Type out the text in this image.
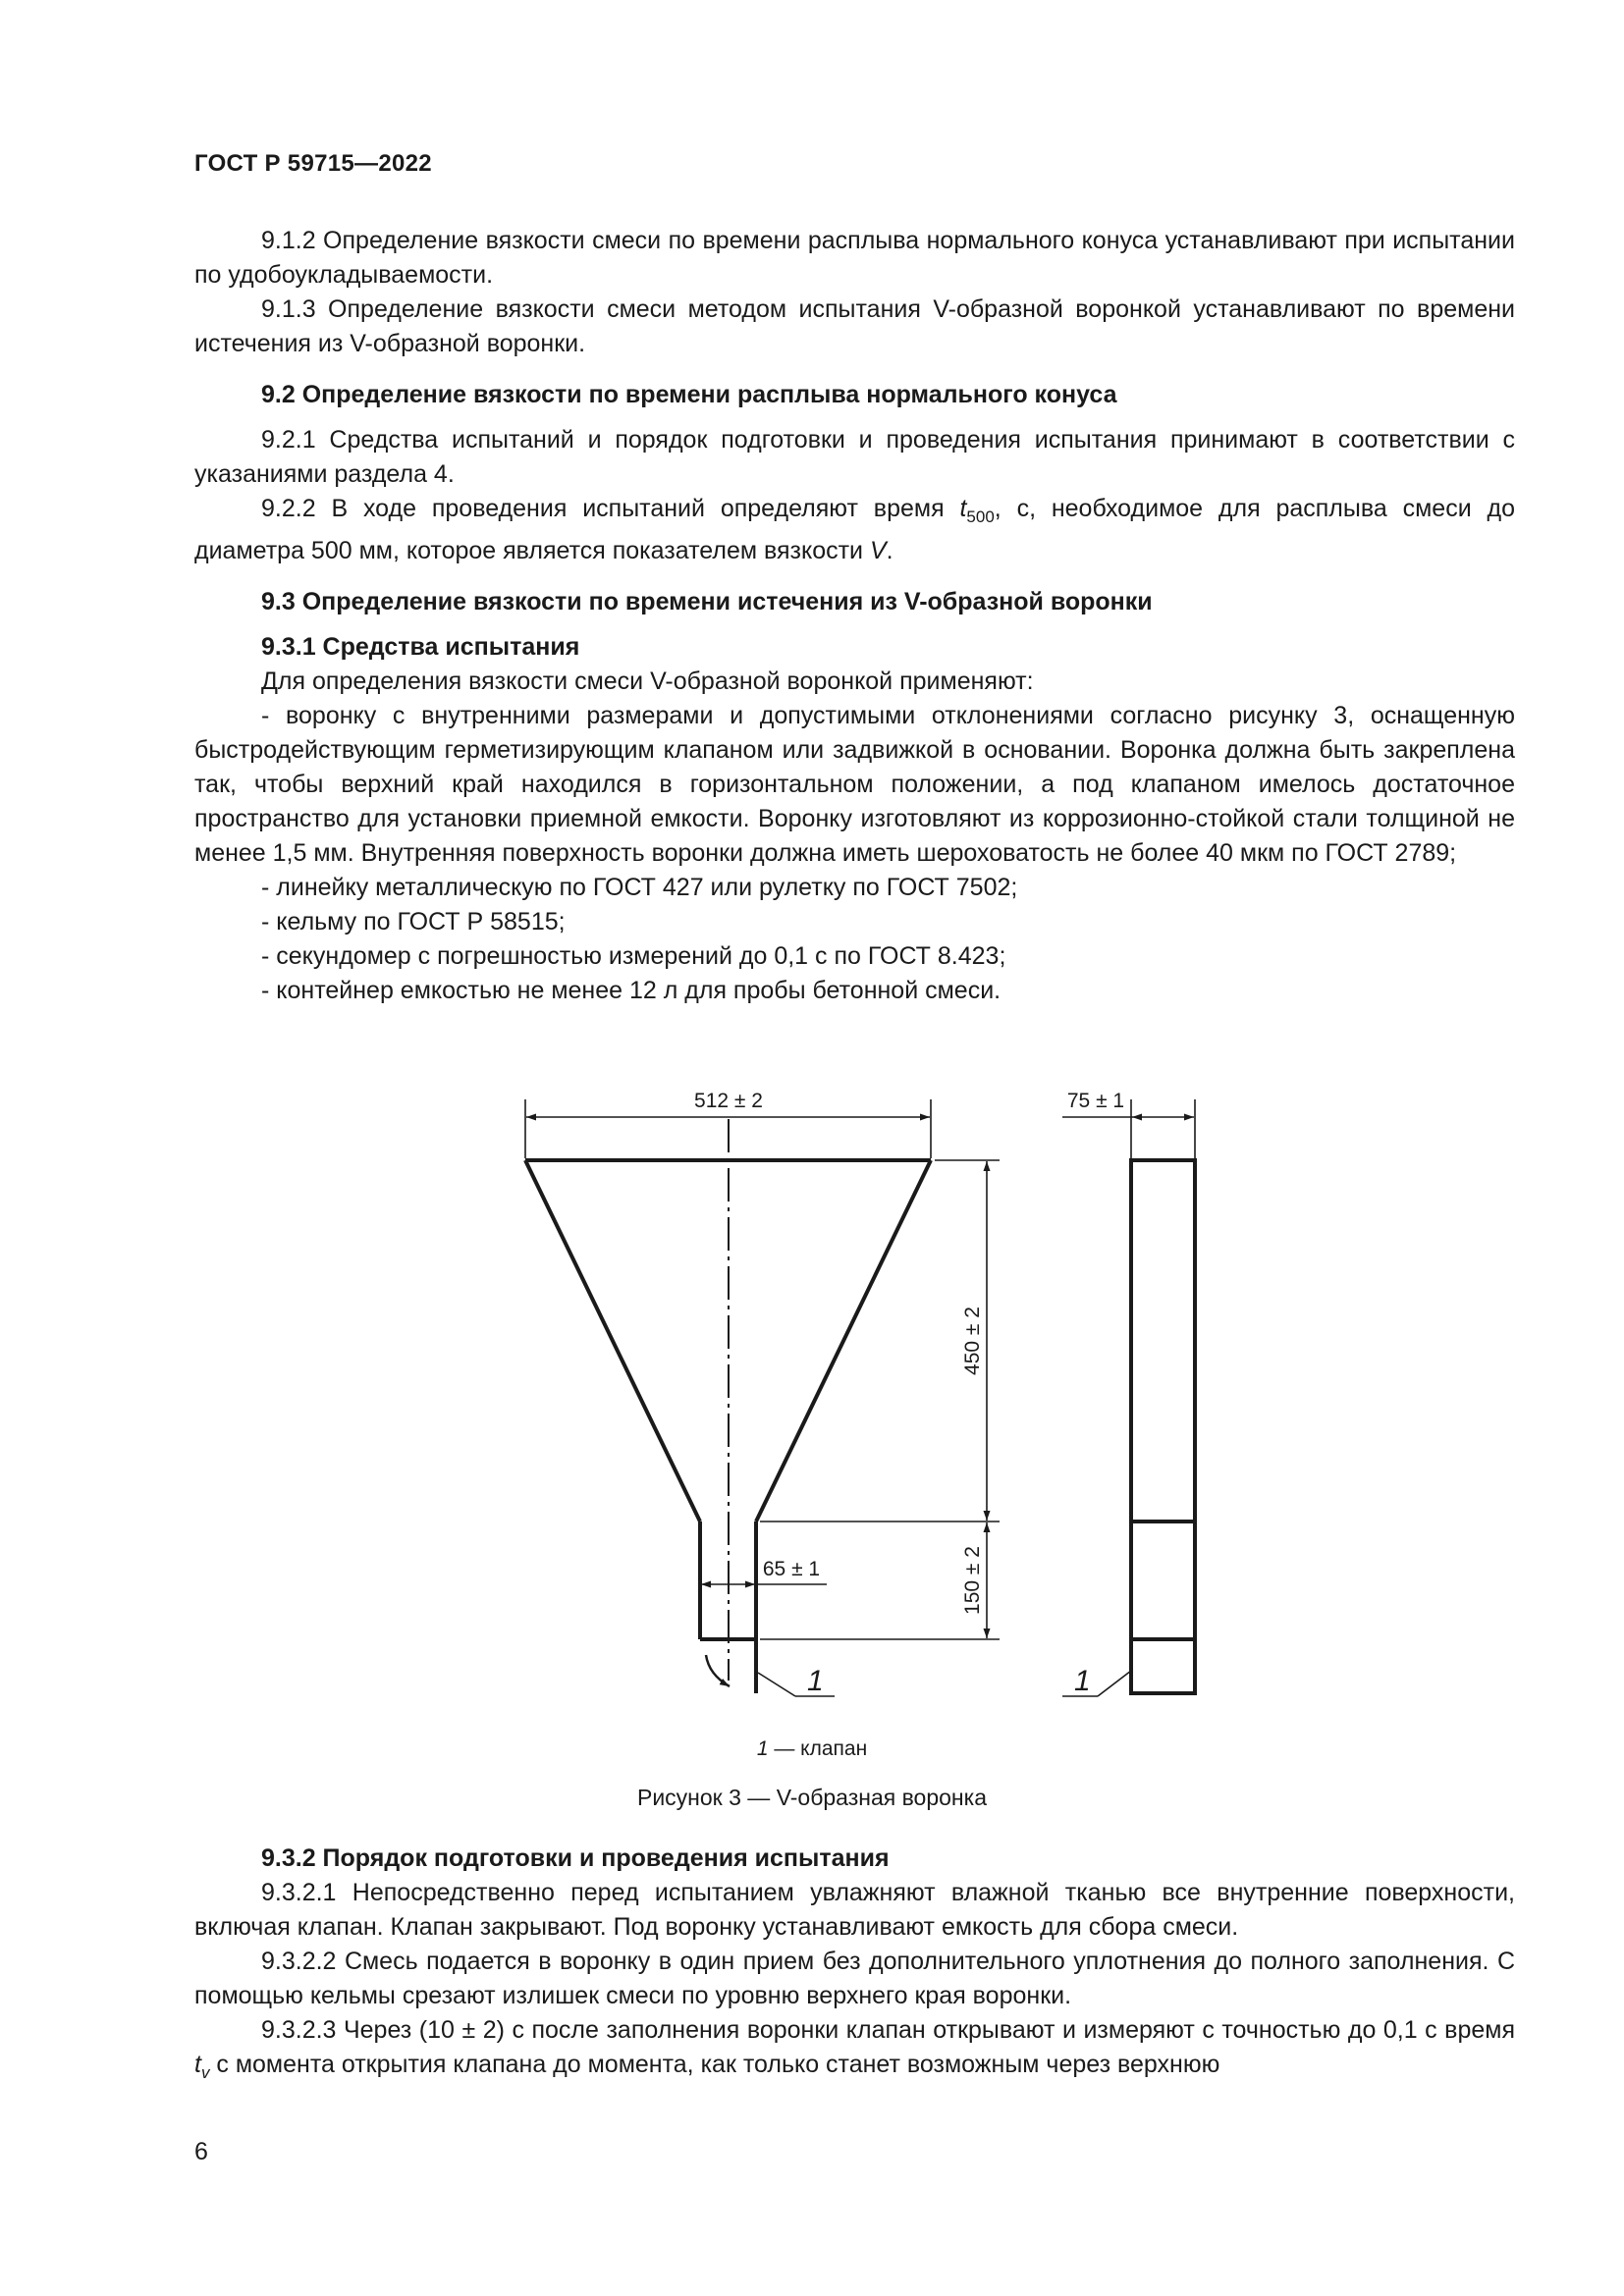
ГОСТ Р 59715—2022

9.1.2 Определение вязкости смеси по времени расплыва нормального конуса устанавливают при испытании по удобоукладываемости.

9.1.3 Определение вязкости смеси методом испытания V-образной воронкой устанавливают по времени истечения из V-образной воронки.

9.2 Определение вязкости по времени расплыва нормального конуса

9.2.1 Средства испытаний и порядок подготовки и проведения испытания принимают в соответствии с указаниями раздела 4.

9.2.2 В ходе проведения испытаний определяют время $t_{500}$, с, необходимое для расплыва смеси до диаметра 500 мм, которое является показателем вязкости V.

9.3 Определение вязкости по времени истечения из V-образной воронки

9.3.1 Средства испытания

Для определения вязкости смеси V-образной воронкой применяют:

- воронку с внутренними размерами и допустимыми отклонениями согласно рисунку 3, оснащенную быстродействующим герметизирующим клапаном или задвижкой в основании. Воронка должна быть закреплена так, чтобы верхний край находился в горизонтальном положении, а под клапаном имелось достаточное пространство для установки приемной емкости. Воронку изготовляют из коррозионно-стойкой стали толщиной не менее 1,5 мм. Внутренняя поверхность воронки должна иметь шероховатость не более 40 мкм по ГОСТ 2789;

- линейку металлическую по ГОСТ 427 или рулетку по ГОСТ 7502;

- кельму по ГОСТ Р 58515;

- секундомер с погрешностью измерений до 0,1 с по ГОСТ 8.423;

- контейнер емкостью не менее 12 л для пробы бетонной смеси.

512 ± 2
450 ± 2
150 ± 2
65 ± 1
1
75 ± 1
1
1 — клапан
Рисунок 3 — V-образная воронка

9.3.2 Порядок подготовки и проведения испытания

9.3.2.1 Непосредственно перед испытанием увлажняют влажной тканью все внутренние поверхности, включая клапан. Клапан закрывают. Под воронку устанавливают емкость для сбора смеси.

9.3.2.2 Смесь подается в воронку в один прием без дополнительного уплотнения до полного заполнения. С помощью кельмы срезают излишек смеси по уровню верхнего края воронки.

9.3.2.3 Через (10 ± 2) с после заполнения воронки клапан открывают и измеряют с точностью до 0,1 с время $t_v$ с момента открытия клапана до момента, как только станет возможным через верхнюю

6
